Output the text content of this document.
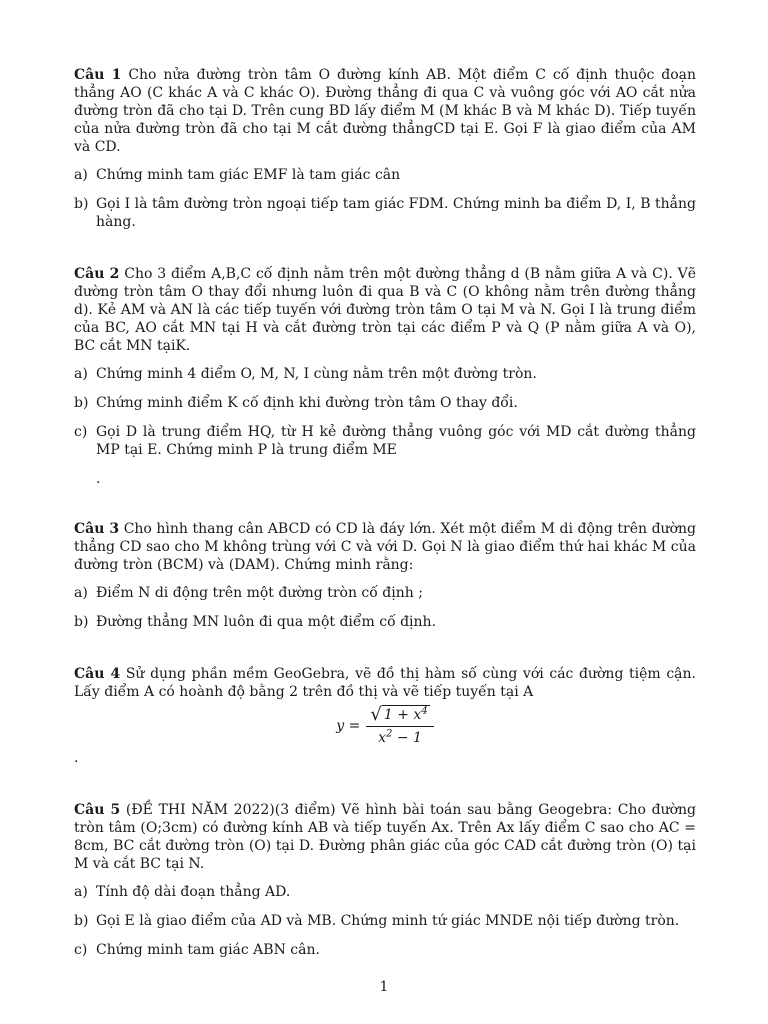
Câu 1 Cho nửa đường tròn tâm O đường kính AB. Một điểm C cố định thuộc đoạn thẳng AO (C khác A và C khác O). Đường thẳng đi qua C và vuông góc với AO cắt nửa đường tròn đã cho tại D. Trên cung BD lấy điểm M (M khác B và M khác D). Tiếp tuyến của nửa đường tròn đã cho tại M cắt đường thẳngCD tại E. Gọi F là giao điểm của AM và CD.

a) Chứng minh tam giác EMF là tam giác cân
b) Gọi I là tâm đường tròn ngoại tiếp tam giác FDM. Chứng minh ba điểm D, I, B thẳng hàng.

Câu 2 Cho 3 điểm A,B,C cố định nằm trên một đường thẳng d (B nằm giữa A và C). Vẽ đường tròn tâm O thay đổi nhưng luôn đi qua B và C (O không nằm trên đường thẳng d). Kẻ AM và AN là các tiếp tuyến với đường tròn tâm O tại M và N. Gọi I là trung điểm của BC, AO cắt MN tại H và cắt đường tròn tại các điểm P và Q (P nằm giữa A và O), BC cắt MN tạiK.

a) Chứng minh 4 điểm O, M, N, I cùng nằm trên một đường tròn.
b) Chứng minh điểm K cố định khi đường tròn tâm O thay đổi.
c) Gọi D là trung điểm HQ, từ H kẻ đường thẳng vuông góc với MD cắt đường thẳng MP tại E. Chứng minh P là trung điểm ME
.

Câu 3 Cho hình thang cân ABCD có CD là đáy lớn. Xét một điểm M di động trên đường thẳng CD sao cho M không trùng với C và với D. Gọi N là giao điểm thứ hai khác M của đường tròn (BCM) và (DAM). Chứng minh rằng:

a) Điểm N di động trên một đường tròn cố định ;
b) Đường thẳng MN luôn đi qua một điểm cố định.

Câu 4 Sử dụng phần mềm GeoGebra, vẽ đồ thị hàm số cùng với các đường tiệm cận. Lấy điểm A có hoành độ bằng 2 trên đồ thị và vẽ tiếp tuyến tại A

$y = \frac{√ 1 + x^4}{x^2 - 1}$
.

Câu 5 (ĐỀ THI NĂM 2022)(3 điểm) Vẽ hình bài toán sau bằng Geogebra: Cho đường tròn tâm (O;3cm) có đường kính AB và tiếp tuyến Ax. Trên Ax lấy điểm C sao cho AC = 8cm, BC cắt đường tròn (O) tại D. Đường phân giác của góc CAD cắt đường tròn (O) tại M và cắt BC tại N.

a) Tính độ dài đoạn thẳng AD.
b) Gọi E là giao điểm của AD và MB. Chứng minh tứ giác MNDE nội tiếp đường tròn.
c) Chứng minh tam giác ABN cân.
1
